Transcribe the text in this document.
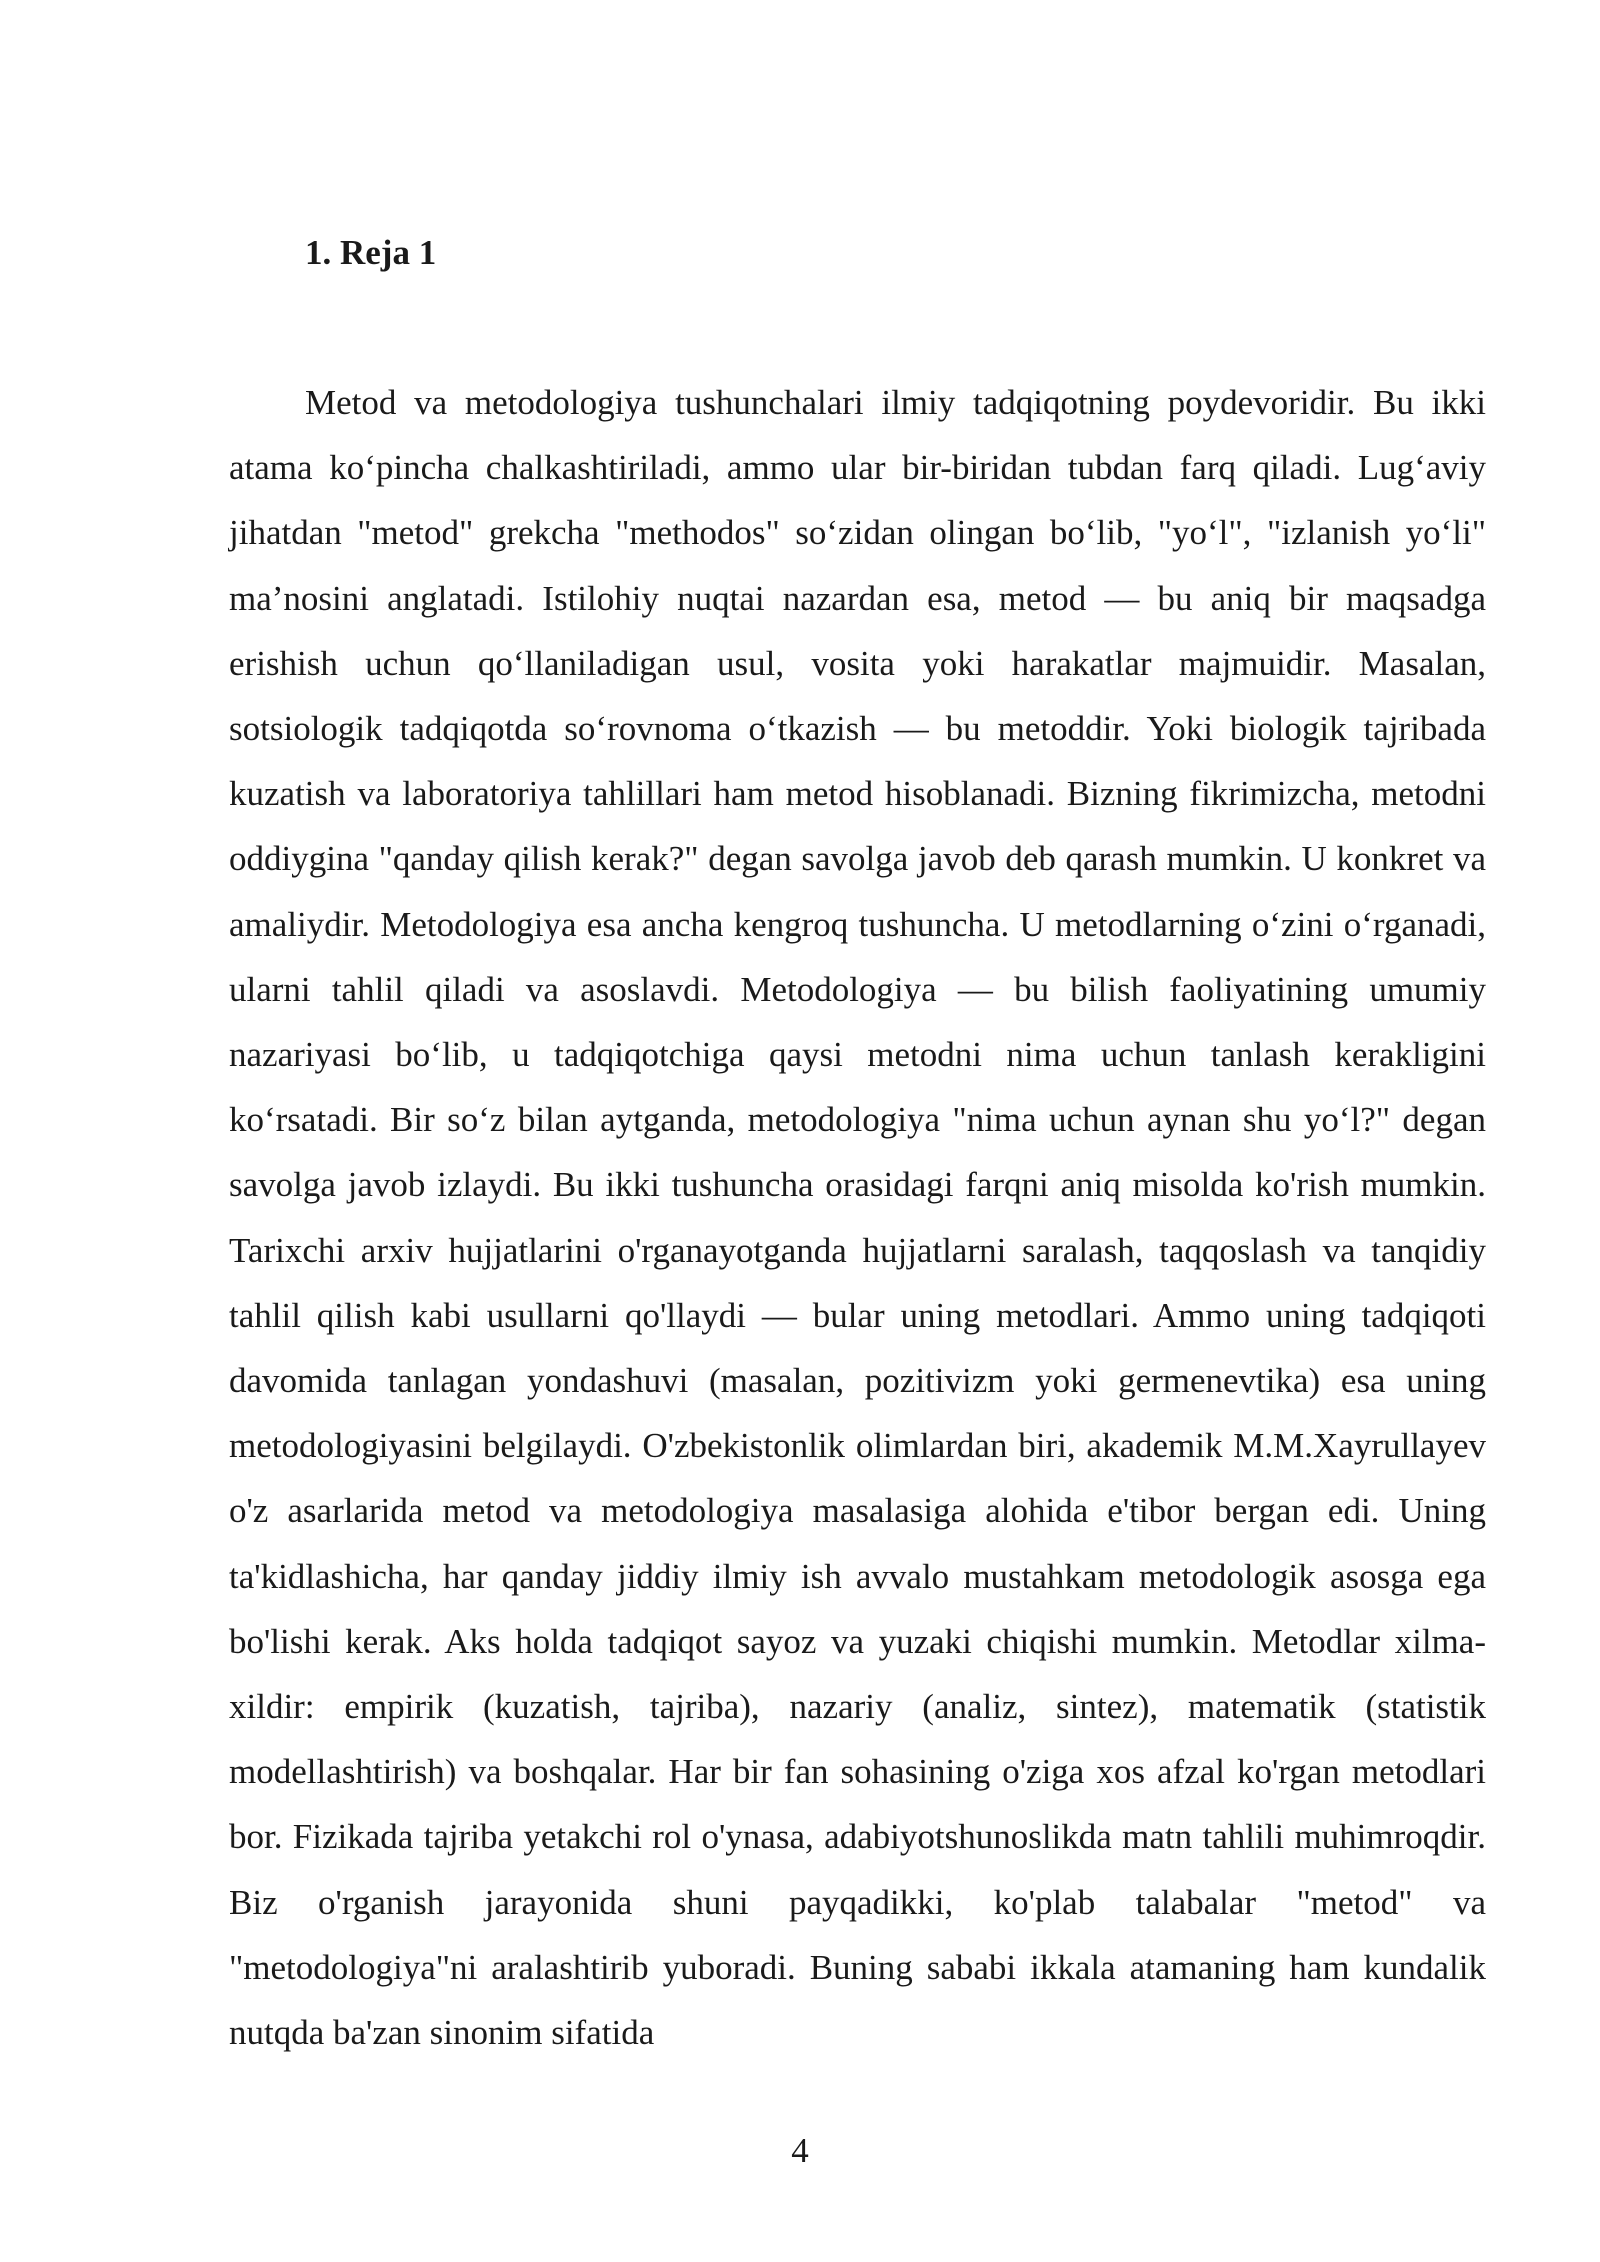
1. Reja 1

Metod va metodologiya tushunchalari ilmiy tadqiqotning poydevoridir. Bu ikki atama ko‘pincha chalkashtiriladi, ammo ular bir-biridan tubdan farq qiladi. Lug‘aviy jihatdan "metod" grekcha "methodos" so‘zidan olingan bo‘lib, "yo‘l", "izlanish yo‘li" ma’nosini anglatadi. Istilohiy nuqtai nazardan esa, metod — bu aniq bir maqsadga erishish uchun qo‘llaniladigan usul, vosita yoki harakatlar majmuidir. Masalan, sotsiologik tadqiqotda so‘rovnoma o‘tkazish — bu metoddir. Yoki biologik tajribada kuzatish va laboratoriya tahlillari ham metod hisoblanadi. Bizning fikrimizcha, metodni oddiygina "qanday qilish kerak?" degan savolga javob deb qarash mumkin. U konkret va amaliydir. Metodologiya esa ancha kengroq tushuncha. U metodlarning o‘zini o‘rganadi, ularni tahlil qiladi va asoslavdi. Metodologiya — bu bilish faoliyatining umumiy nazariyasi bo‘lib, u tadqiqotchiga qaysi metodni nima uchun tanlash kerakligini ko‘rsatadi. Bir so‘z bilan aytganda, metodologiya "nima uchun aynan shu yo‘l?" degan savolga javob izlaydi. Bu ikki tushuncha orasidagi farqni aniq misolda ko'rish mumkin. Tarixchi arxiv hujjatlarini o'rganayotganda hujjatlarni saralash, taqqoslash va tanqidiy tahlil qilish kabi usullarni qo'llaydi — bular uning metodlari. Ammo uning tadqiqoti davomida tanlagan yondashuvi (masalan, pozitivizm yoki germenevtika) esa uning metodologiyasini belgilaydi. O'zbekistonlik olimlardan biri, akademik M.M.Xayrullayev o'z asarlarida metod va metodologiya masalasiga alohida e'tibor bergan edi. Uning ta'kidlashicha, har qanday jiddiy ilmiy ish avvalo mustahkam metodologik asosga ega bo'lishi kerak. Aks holda tadqiqot sayoz va yuzaki chiqishi mumkin. Metodlar xilma-xildir: empirik (kuzatish, tajriba), nazariy (analiz, sintez), matematik (statistik modellashtirish) va boshqalar. Har bir fan sohasining o'ziga xos afzal ko'rgan metodlari bor. Fizikada tajriba yetakchi rol o'ynasa, adabiyotshunoslikda matn tahlili muhimroqdir. Biz o'rganish jarayonida shuni payqadikki, ko'plab talabalar "metod" va "metodologiya"ni aralashtirib yuboradi. Buning sababi ikkala atamaning ham kundalik nutqda ba'zan sinonim sifatida

4
